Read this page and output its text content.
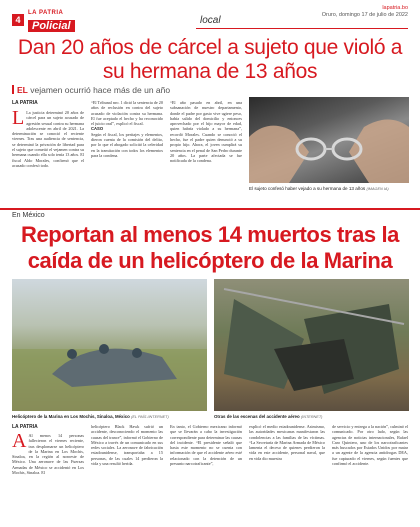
4
LA PATRIA
Policial	local
lapatria.bo
Oruro, domingo 17 de julio de 2022
Dan 20 años de cárcel a sujeto que violó a su hermana de 13 años
EL vejamen ocurrió hace más de un año
LA PATRIA
L La justicia determinó 20 años de cárcel para un sujeto acusado de agresión sexual contra su hermana adolescente en abril de 2021. La determinación se conoció el reciente viernes. Tras una audiencia de sentencia, se determinó la privación de libertad para el sujeto que cometió el vejamen contra su hermana cuando ella solo tenía 13 años. El fiscal Aldo Morales, confirmó que el acusado confesó todo.
“El Tribunal nro. 1 dictó la sentencia de 20 años de reclusión en contra del sujeto acusado de violación contra su hermana. El fue aceptado el hecho y ha reconocido el juicio oral”, explicó el fiscal.
CASO
Según el fiscal, los peritajes y elementos, dieron cuenta de la comisión del delito, por lo que el abogado solicitó la celeridad en la tramitación con todos los elementos para la condena.
“El año pasado en abril, en una subsanación de nuestro departamento, donde el padre por gasto vive ugiere peso, había salido del domicilio y entonces aprovechado por el hijo mayor de edad, quien habría violado a su hermana”, recordó Morales. Cuando se conoció el hecho, fue el padre quien denunció a su propio hijo. Ahora, el joven cumplirá su sentencia en el penal de San Pedro durante 20 años. La parte afectada se fue notificada de la condena.
El sujeto confesó haber vejado a su hermana de 13 años (IMAGEN IA)
En México
Reportan al menos 14 muertos tras la caída de un helicóptero de la Marina
Helicóptero de la Marina en Los Mochis, Sinaloa, México (EL PAÍS /INTERNET)	Otras de las escenas del accidente aéreo (INTERNET)
LA PATRIA
A Al menos 14 personas fallecieron el viernes reciente, tras desplomarse un helicóptero de la Marina en Los Mochis, Sinaloa, en la región al noroeste de México. Una aeronave de las Fuerzas Armadas de México se accidentó en Los Mochis, Sinaloa. El
helicóptero Black Hawk sufrió un accidente, desconociendo el momento las causas del trance”, informó el Gobierno de México a través de un comunicado en sus redes sociales. La aeronave de fabricación estadounidense, transportaba a 15 personas, de las cuales 14 perdieron la vida y una resultó herida.
En tanto, el Gobierno mexicano informó que se llevarán a cabo la investigación correspondiente para determinar las causas del incidente. “El presidente señaló que hasta este momento no se cuenta con información de que el accidente aéreo esté relacionado con la detención de un presunto narcotraficante”,
explicó el medio estadounidense. Asimismo, las autoridades mexicanas manifestaron las condolencias a las familias de las víctimas. “La Secretaría de Marina Armada de México lamenta el deceso de quienes perdieron la vida en este accidente, personal naval, que en vida dio muestra
de servicio y entrega a la nación”, culminó el comunicado. Por otro lado, según las agencias de noticias internacionales, Rafael Caro Quintero, uno de los narcotraficantes más buscados por Estados Unidos por matar a un agente de la agencia antidrogas DEA, fue capturado el viernes, según fuentes que confirmó el accidente.
